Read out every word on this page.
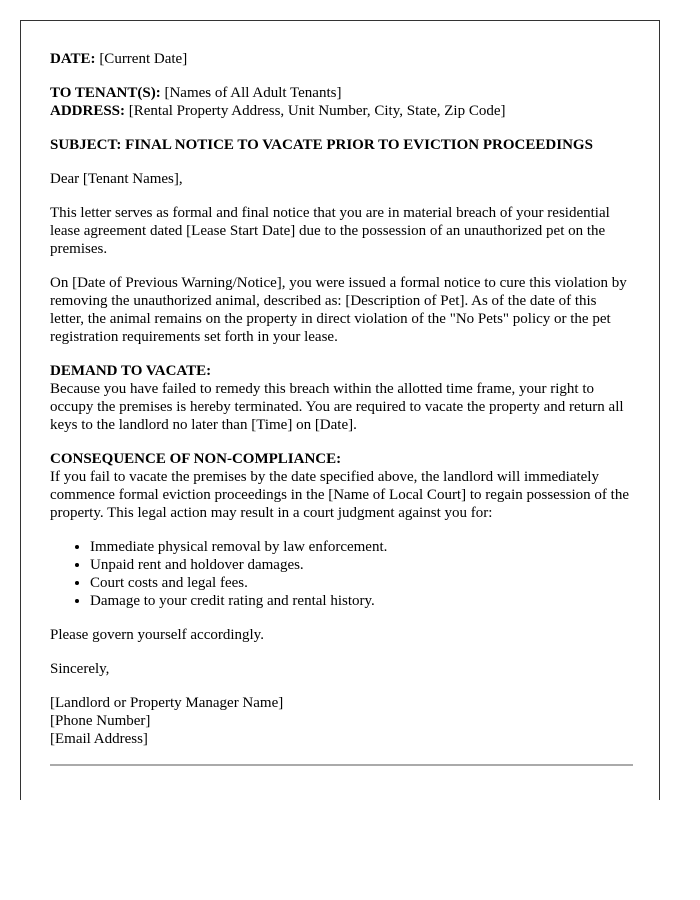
DATE: [Current Date]

TO TENANT(S): [Names of All Adult Tenants]
ADDRESS: [Rental Property Address, Unit Number, City, State, Zip Code]

SUBJECT: FINAL NOTICE TO VACATE PRIOR TO EVICTION PROCEEDINGS

Dear [Tenant Names],

This letter serves as formal and final notice that you are in material breach of your residential lease agreement dated [Lease Start Date] due to the possession of an unauthorized pet on the premises.

On [Date of Previous Warning/Notice], you were issued a formal notice to cure this violation by removing the unauthorized animal, described as: [Description of Pet]. As of the date of this letter, the animal remains on the property in direct violation of the "No Pets" policy or the pet registration requirements set forth in your lease.

DEMAND TO VACATE:
Because you have failed to remedy this breach within the allotted time frame, your right to occupy the premises is hereby terminated. You are required to vacate the property and return all keys to the landlord no later than [Time] on [Date].

CONSEQUENCE OF NON-COMPLIANCE:
If you fail to vacate the premises by the date specified above, the landlord will immediately commence formal eviction proceedings in the [Name of Local Court] to regain possession of the property. This legal action may result in a court judgment against you for:

• Immediate physical removal by law enforcement.
• Unpaid rent and holdover damages.
• Court costs and legal fees.
• Damage to your credit rating and rental history.

Please govern yourself accordingly.

Sincerely,

[Landlord or Property Manager Name]
[Phone Number]
[Email Address]
